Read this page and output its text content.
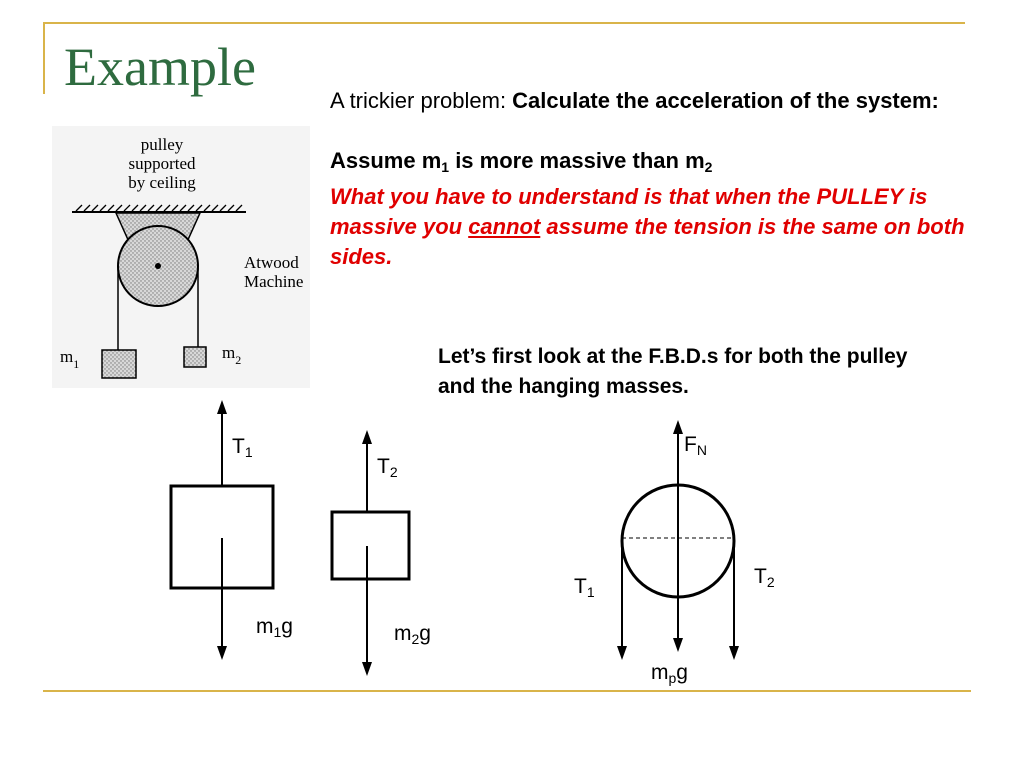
Example
A trickier problem: Calculate the acceleration of the system:
Assume $m_1$ is more massive than $m_2$
What you have to understand is that when the PULLEY is massive you cannot assume the tension is the same on both sides.
Let’s first look at the F.B.D.s for both the pulley and the hanging masses.
pulley
supported
by ceiling
Atwood
Machine
$m_1$
$m_2$
$T_1$
$m_1g$
$T_2$
$m_2g$
$F_N$
$T_1$
$T_2$
$m_pg$
